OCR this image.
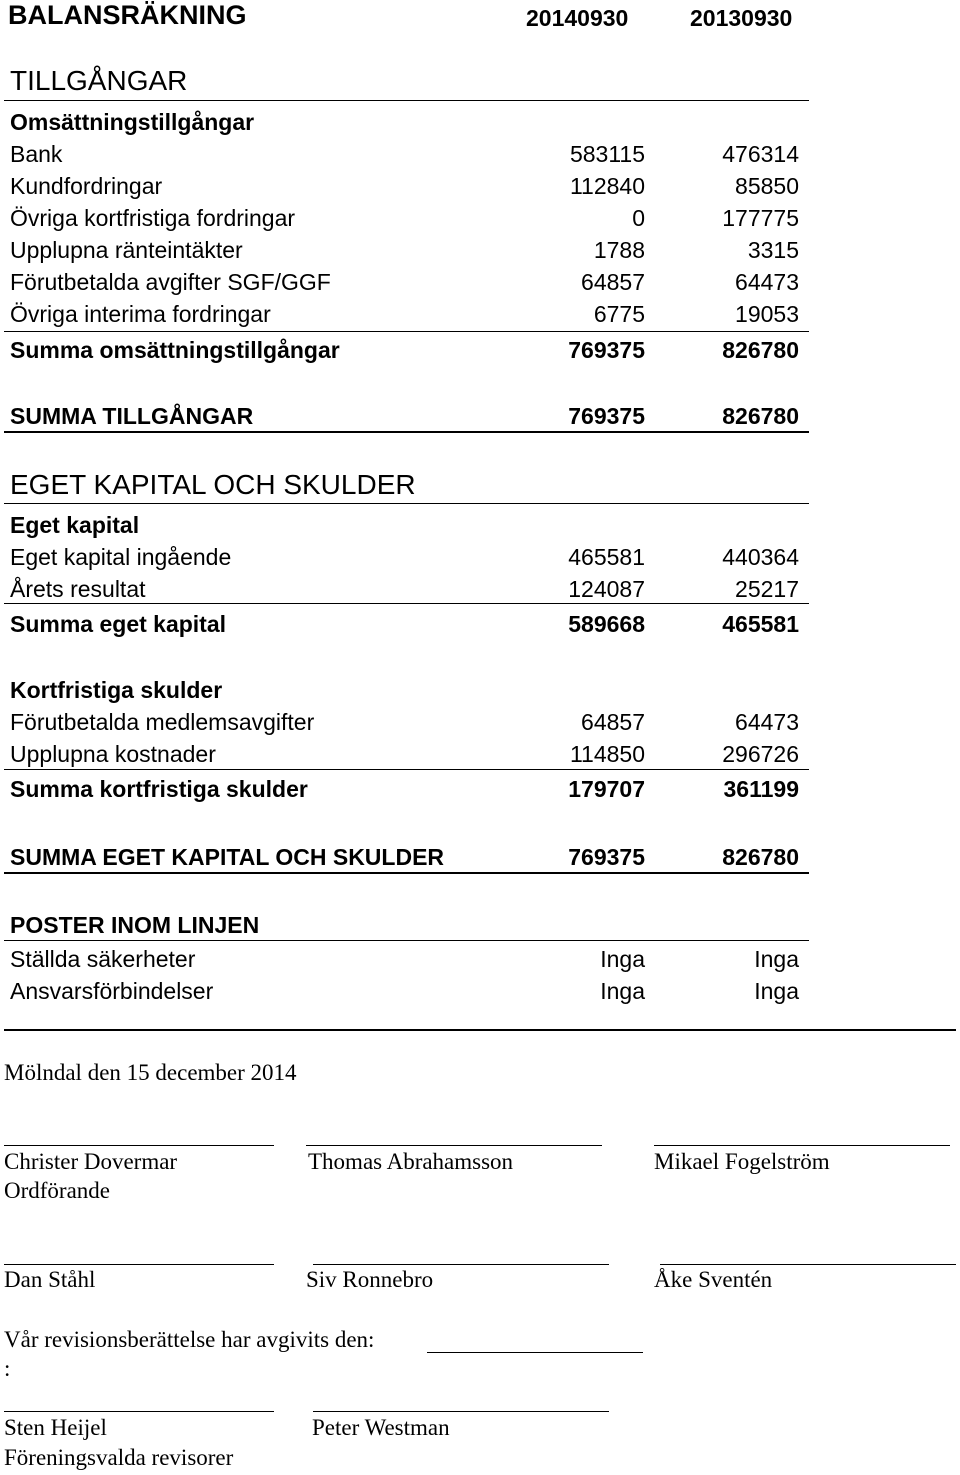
BALANSRÄKNING	20140930	20130930
TILLGÅNGAR
Omsättningstillgångar
Bank	583115	476314
Kundfordringar	112840	85850
Övriga kortfristiga fordringar	0	177775
Upplupna ränteintäkter	1788	3315
Förutbetalda avgifter SGF/GGF	64857	64473
Övriga interima fordringar	6775	19053
Summa omsättningstillgångar	769375	826780
SUMMA TILLGÅNGAR	769375	826780
EGET KAPITAL OCH SKULDER
Eget kapital
Eget kapital ingående	465581	440364
Årets resultat	124087	25217
Summa eget kapital	589668	465581
Kortfristiga skulder
Förutbetalda medlemsavgifter	64857	64473
Upplupna kostnader	114850	296726
Summa kortfristiga skulder	179707	361199
SUMMA EGET KAPITAL OCH SKULDER	769375	826780
POSTER INOM LINJEN
Ställda säkerheter	Inga	Inga
Ansvarsförbindelser	Inga	Inga
Mölndal den 15 december 2014
Christer Dovermar
Ordförande
Thomas Abrahamsson	Mikael Fogelström
Dan Ståhl	Siv Ronnebro	Åke Sventén
Vår revisionsberättelse har avgivits den:
:
Sten Heijel	Peter Westman
Föreningsvalda revisorer
